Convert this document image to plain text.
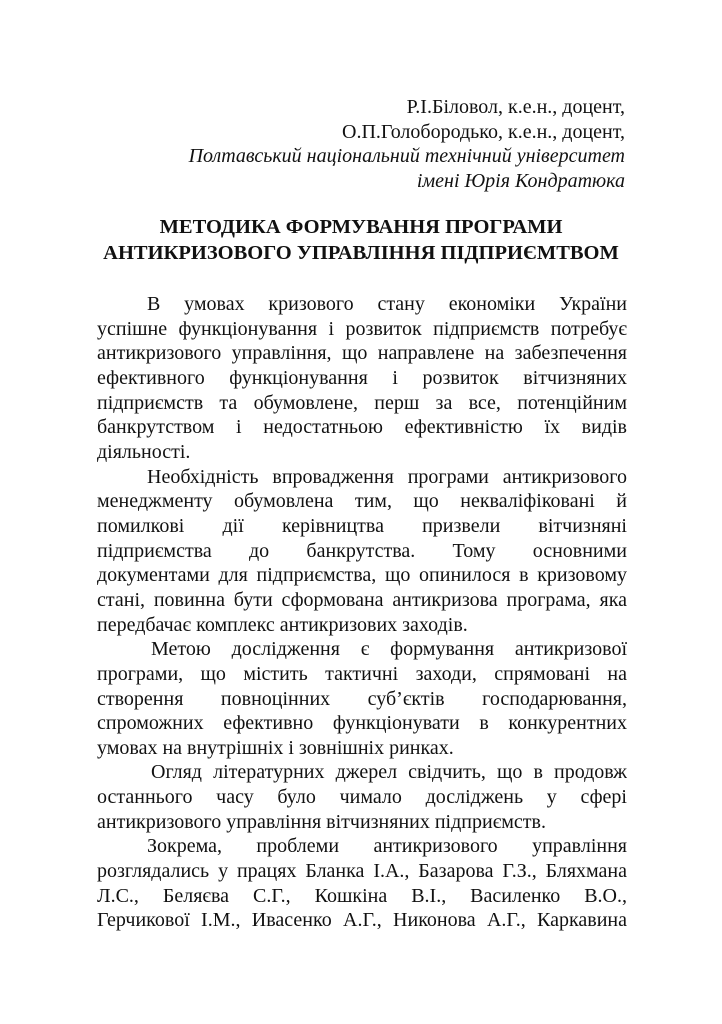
Р.І.Біловол, к.е.н., доцент,
О.П.Голобородько, к.е.н., доцент,
Полтавський національний технічний університет
імені Юрія Кондратюка
МЕТОДИКА ФОРМУВАННЯ ПРОГРАМИ
АНТИКРИЗОВОГО УПРАВЛІННЯ ПІДПРИЄМТВОМ
В умовах кризового стану економіки України
успішне функціонування і розвиток підприємств потребує
антикризового управління, що направлене на забезпечення
ефективного функціонування і розвиток вітчизняних
підприємств та обумовлене, перш за все, потенційним
банкрутством і недостатньою ефективністю їх видів
діяльності.
Необхідність впровадження програми антикризового
менеджменту обумовлена тим, що некваліфіковані й
помилкові дії керівництва призвели вітчизняні
підприємства до банкрутства. Тому основними
документами для підприємства, що опинилося в кризовому
стані, повинна бути сформована антикризова програма, яка
передбачає комплекс антикризових заходів.
Метою дослідження є формування антикризової
програми, що містить тактичні заходи, спрямовані на
створення повноцінних суб’єктів господарювання,
спроможних ефективно функціонувати в конкурентних
умовах на внутрішніх і зовнішніх ринках.
Огляд літературних джерел свідчить, що в продовж
останнього часу було чимало досліджень у сфері
антикризового управління вітчизняних підприємств.
Зокрема, проблеми антикризового управління
розглядались у працях Бланка І.А., Базарова Г.З., Бляхмана
Л.С., Беляєва С.Г., Кошкіна В.І., Василенко В.О.,
Герчикової І.М., Ивасенко А.Г., Никонова А.Г., Каркавина
